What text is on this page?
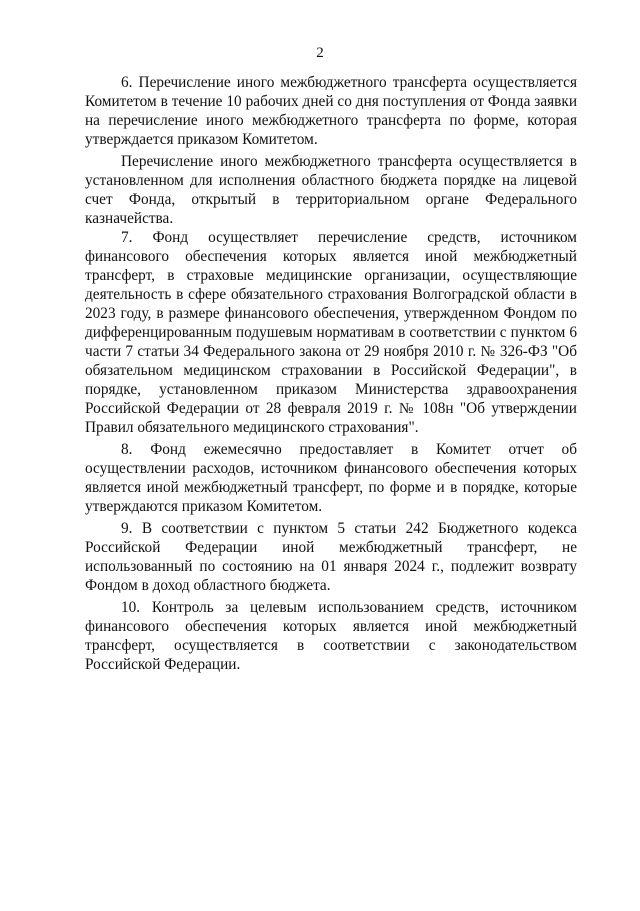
2

6. Перечисление иного межбюджетного трансферта осуществляется Комитетом в течение 10 рабочих дней со дня поступления от Фонда заявки на перечисление иного межбюджетного трансферта по форме, которая утверждается приказом Комитетом.

Перечисление иного межбюджетного трансферта осуществляется в установленном для исполнения областного бюджета порядке на лицевой счет Фонда, открытый в территориальном органе Федерального казначейства.

7. Фонд осуществляет перечисление средств, источником финансового обеспечения которых является иной межбюджетный трансферт, в страховые медицинские организации, осуществляющие деятельность в сфере обязательного страхования Волгоградской области в 2023 году, в размере финансового обеспечения, утвержденном Фондом по дифференцированным подушевым нормативам в соответствии с пунктом 6 части 7 статьи 34 Федерального закона от 29 ноября 2010 г. № 326-ФЗ "Об обязательном медицинском страховании в Российской Федерации", в порядке, установленном приказом Министерства здравоохранения Российской Федерации от 28 февраля 2019 г. № 108н "Об утверждении Правил обязательного медицинского страхования".

8. Фонд ежемесячно предоставляет в Комитет отчет об осуществлении расходов, источником финансового обеспечения которых является иной межбюджетный трансферт, по форме и в порядке, которые утверждаются приказом Комитетом.

9. В соответствии с пунктом 5 статьи 242 Бюджетного кодекса Российской Федерации иной межбюджетный трансферт, не использованный по состоянию на 01 января 2024 г., подлежит возврату Фондом в доход областного бюджета.

10. Контроль за целевым использованием средств, источником финансового обеспечения которых является иной межбюджетный трансферт, осуществляется в соответствии с законодательством Российской Федерации.
